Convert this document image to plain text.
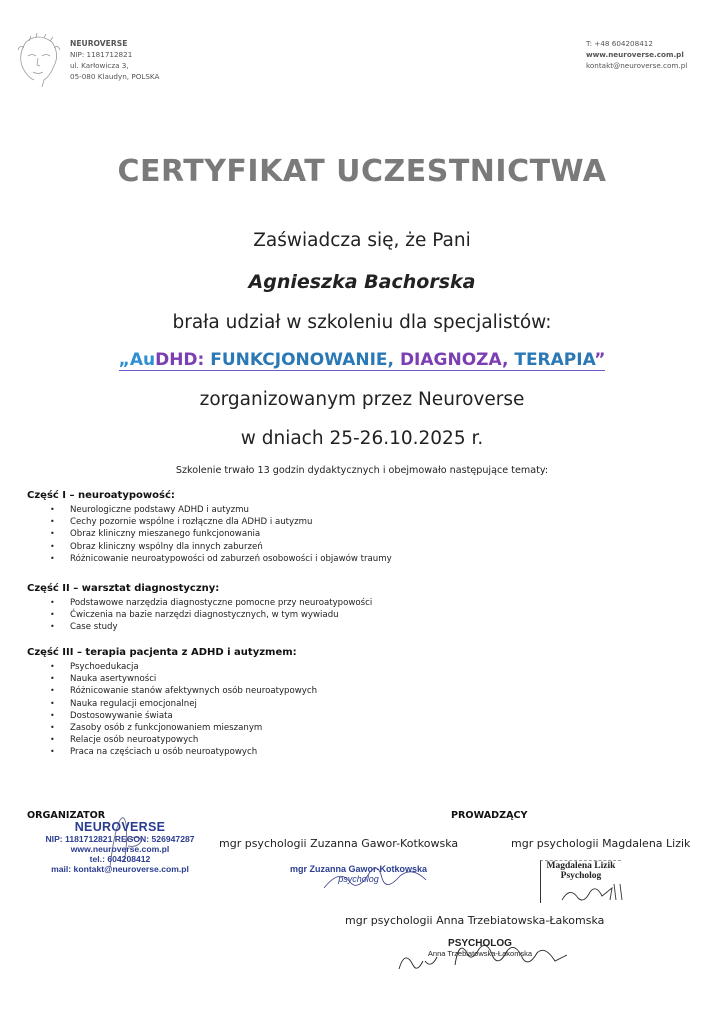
NEUROVERSE
NIP: 1181712821
ul. Karłowicza 3,
05-080 Klaudyn, POLSKA
T: +48 604208412
www.neuroverse.com.pl
kontakt@neuroverse.com.pl
CERTYFIKAT UCZESTNICTWA
Zaświadcza się, że Pani
Agnieszka Bachorska
brała udział w szkoleniu dla specjalistów:
„AuDHD: FUNKCJONOWANIE, DIAGNOZA, TERAPIA”
zorganizowanym przez Neuroverse
w dniach 25-26.10.2025 r.
Szkolenie trwało 13 godzin dydaktycznych i obejmowało następujące tematy:
Część I – neuroatypowość:
• Neurologiczne podstawy ADHD i autyzmu
• Cechy pozornie wspólne i rozłączne dla ADHD i autyzmu
• Obraz kliniczny mieszanego funkcjonowania
• Obraz kliniczny wspólny dla innych zaburzeń
• Różnicowanie neuroatypowości od zaburzeń osobowości i objawów traumy
Część II – warsztat diagnostyczny:
• Podstawowe narzędzia diagnostyczne pomocne przy neuroatypowości
• Ćwiczenia na bazie narzędzi diagnostycznych, w tym wywiadu
• Case study
Część III – terapia pacjenta z ADHD i autyzmem:
• Psychoedukacja
• Nauka asertywności
• Różnicowanie stanów afektywnych osób neuroatypowych
• Nauka regulacji emocjonalnej
• Dostosowywanie świata
• Zasoby osób z funkcjonowaniem mieszanym
• Relacje osób neuroatypowych
• Praca na częściach u osób neuroatypowych
ORGANIZATOR	PROWADZĄCY
NEUROVERSE
NIP: 1181712821 REGON: 526947287
www.neuroverse.com.pl
tel.: 604208412
mail: kontakt@neuroverse.com.pl
mgr psychologii Zuzanna Gawor-Kotkowska
mgr Zuzanna Gawor-Kotkowska
psycholog
mgr psychologii Magdalena Lizik
Magdalena Lizik
Psycholog
mgr psychologii Anna Trzebiatowska-Łakomska
PSYCHOLOG
Anna Trzebiatowska-Łakomska
